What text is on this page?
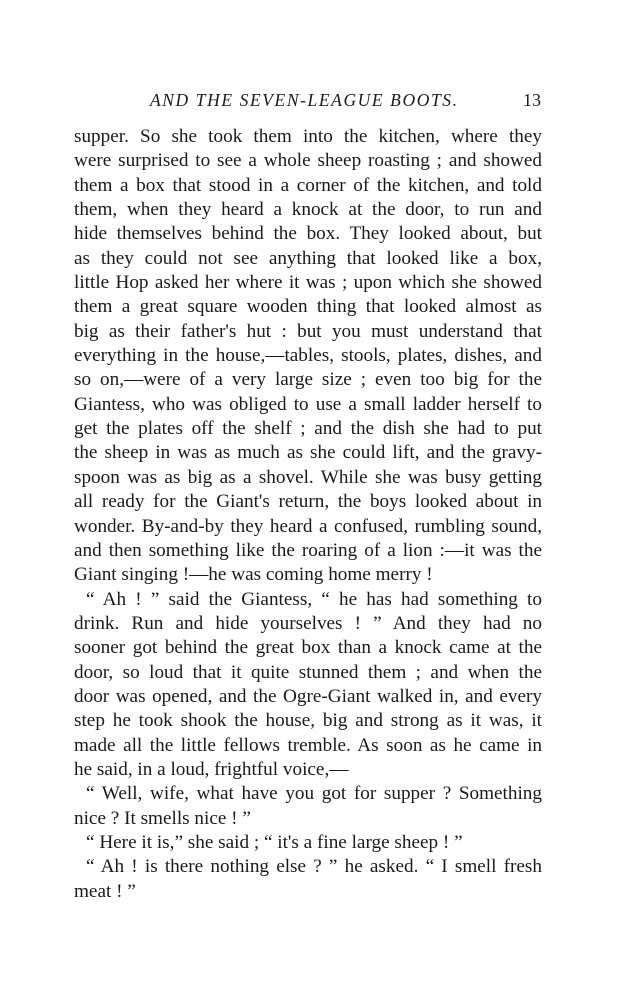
AND THE SEVEN-LEAGUE BOOTS.	13
supper. So she took them into the kitchen, where they
were surprised to see a whole sheep roasting ; and showed
them a box that stood in a corner of the kitchen, and told
them, when they heard a knock at the door, to run and
hide themselves behind the box. They looked about, but
as they could not see anything that looked like a box,
little Hop asked her where it was ; upon which she showed
them a great square wooden thing that looked almost as
big as their father's hut : but you must understand that
everything in the house,—tables, stools, plates, dishes, and
so on,—were of a very large size ; even too big for the
Giantess, who was obliged to use a small ladder herself to
get the plates off the shelf ; and the dish she had to put
the sheep in was as much as she could lift, and the gravy-
spoon was as big as a shovel. While she was busy getting
all ready for the Giant's return, the boys looked about in
wonder. By-and-by they heard a confused, rumbling sound,
and then something like the roaring of a lion :—it was the
Giant singing !—he was coming home merry !
“ Ah ! ” said the Giantess, “ he has had something to
drink. Run and hide yourselves ! ” And they had no
sooner got behind the great box than a knock came at the
door, so loud that it quite stunned them ; and when the
door was opened, and the Ogre-Giant walked in, and every
step he took shook the house, big and strong as it was, it
made all the little fellows tremble. As soon as he came in
he said, in a loud, frightful voice,—
“ Well, wife, what have you got for supper ? Something
nice ? It smells nice ! ”
“ Here it is,” she said ; “ it's a fine large sheep ! ”
“ Ah ! is there nothing else ? ” he asked. “ I smell fresh
meat ! ”
